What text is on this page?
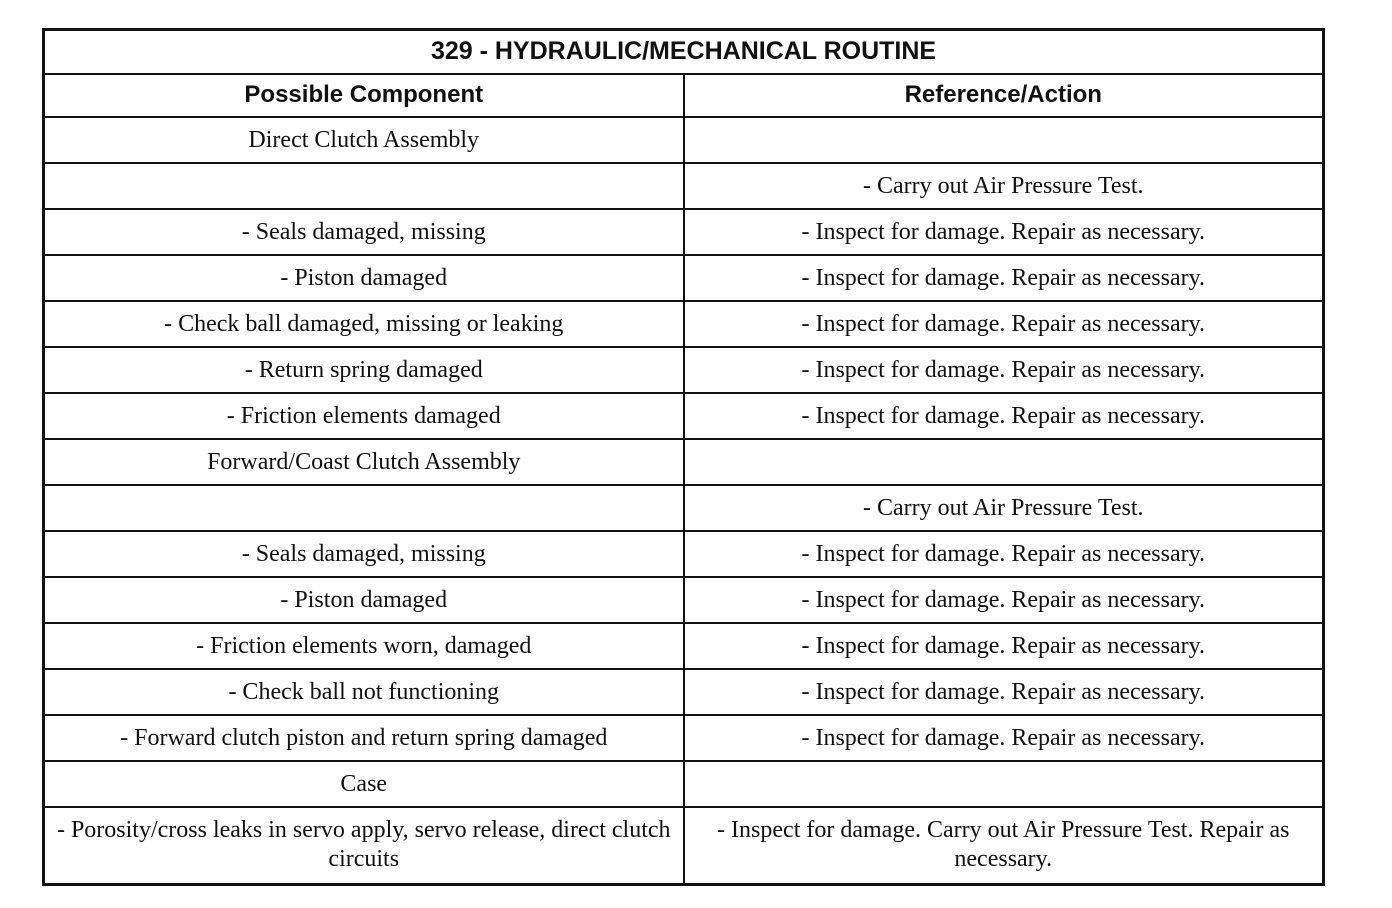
329 - HYDRAULIC/MECHANICAL ROUTINE	
Possible Component	Reference/Action
Direct Clutch Assembly	
	- Carry out Air Pressure Test.
- Seals damaged, missing	- Inspect for damage. Repair as necessary.
- Piston damaged	- Inspect for damage. Repair as necessary.
- Check ball damaged, missing or leaking	- Inspect for damage. Repair as necessary.
- Return spring damaged	- Inspect for damage. Repair as necessary.
- Friction elements damaged	- Inspect for damage. Repair as necessary.
Forward/Coast Clutch Assembly	
	- Carry out Air Pressure Test.
- Seals damaged, missing	- Inspect for damage. Repair as necessary.
- Piston damaged	- Inspect for damage. Repair as necessary.
- Friction elements worn, damaged	- Inspect for damage. Repair as necessary.
- Check ball not functioning	- Inspect for damage. Repair as necessary.
- Forward clutch piston and return spring damaged	- Inspect for damage. Repair as necessary.
Case	
- Porosity/cross leaks in servo apply, servo release, direct clutch circuits	- Inspect for damage. Carry out Air Pressure Test. Repair as necessary.
